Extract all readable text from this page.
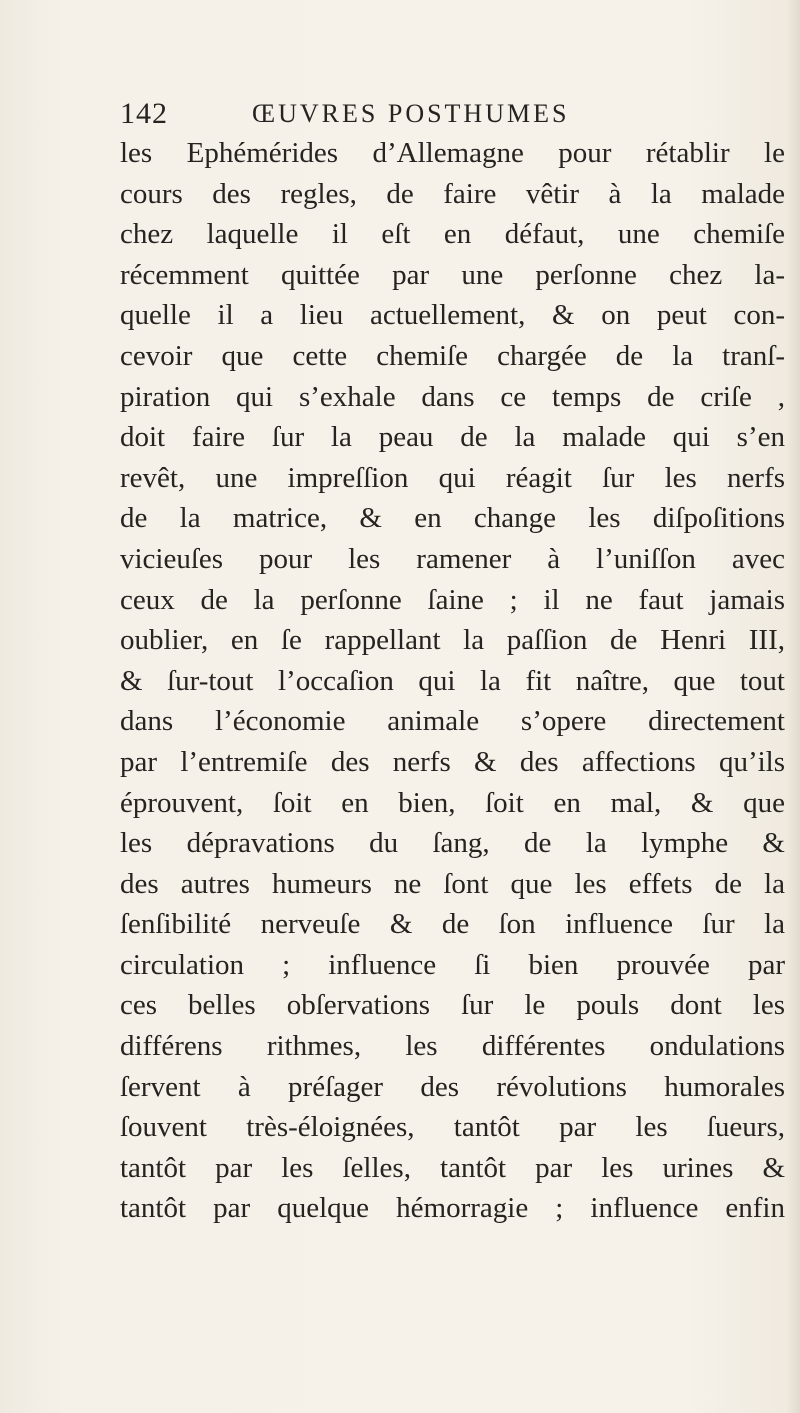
142	ŒUVRES POSTHUMES
les Ephémérides d’Allemagne pour rétablir le
cours des regles, de faire vêtir à la malade
chez laquelle il eſt en défaut, une chemiſe
récemment quittée par une perſonne chez la-
quelle il a lieu actuellement, & on peut con-
cevoir que cette chemiſe chargée de la tranſ-
piration qui s’exhale dans ce temps de criſe ,
doit faire ſur la peau de la malade qui s’en
revêt, une impreſſion qui réagit ſur les nerfs
de la matrice, & en change les diſpoſitions
vicieuſes pour les ramener à l’uniſſon avec
ceux de la perſonne ſaine ; il ne faut jamais
oublier, en ſe rappellant la paſſion de Henri III,
& ſur-tout l’occaſion qui la fit naître, que tout
dans l’économie animale s’opere directement
par l’entremiſe des nerfs & des affections qu’ils
éprouvent, ſoit en bien, ſoit en mal, & que
les dépravations du ſang, de la lymphe &
des autres humeurs ne ſont que les effets de la
ſenſibilité nerveuſe & de ſon influence ſur la
circulation ; influence ſi bien prouvée par
ces belles obſervations ſur le pouls dont les
différens rithmes, les différentes ondulations
ſervent à préſager des révolutions humorales
ſouvent très-éloignées, tantôt par les ſueurs,
tantôt par les ſelles, tantôt par les urines &
tantôt par quelque hémorragie ; influence enfin
